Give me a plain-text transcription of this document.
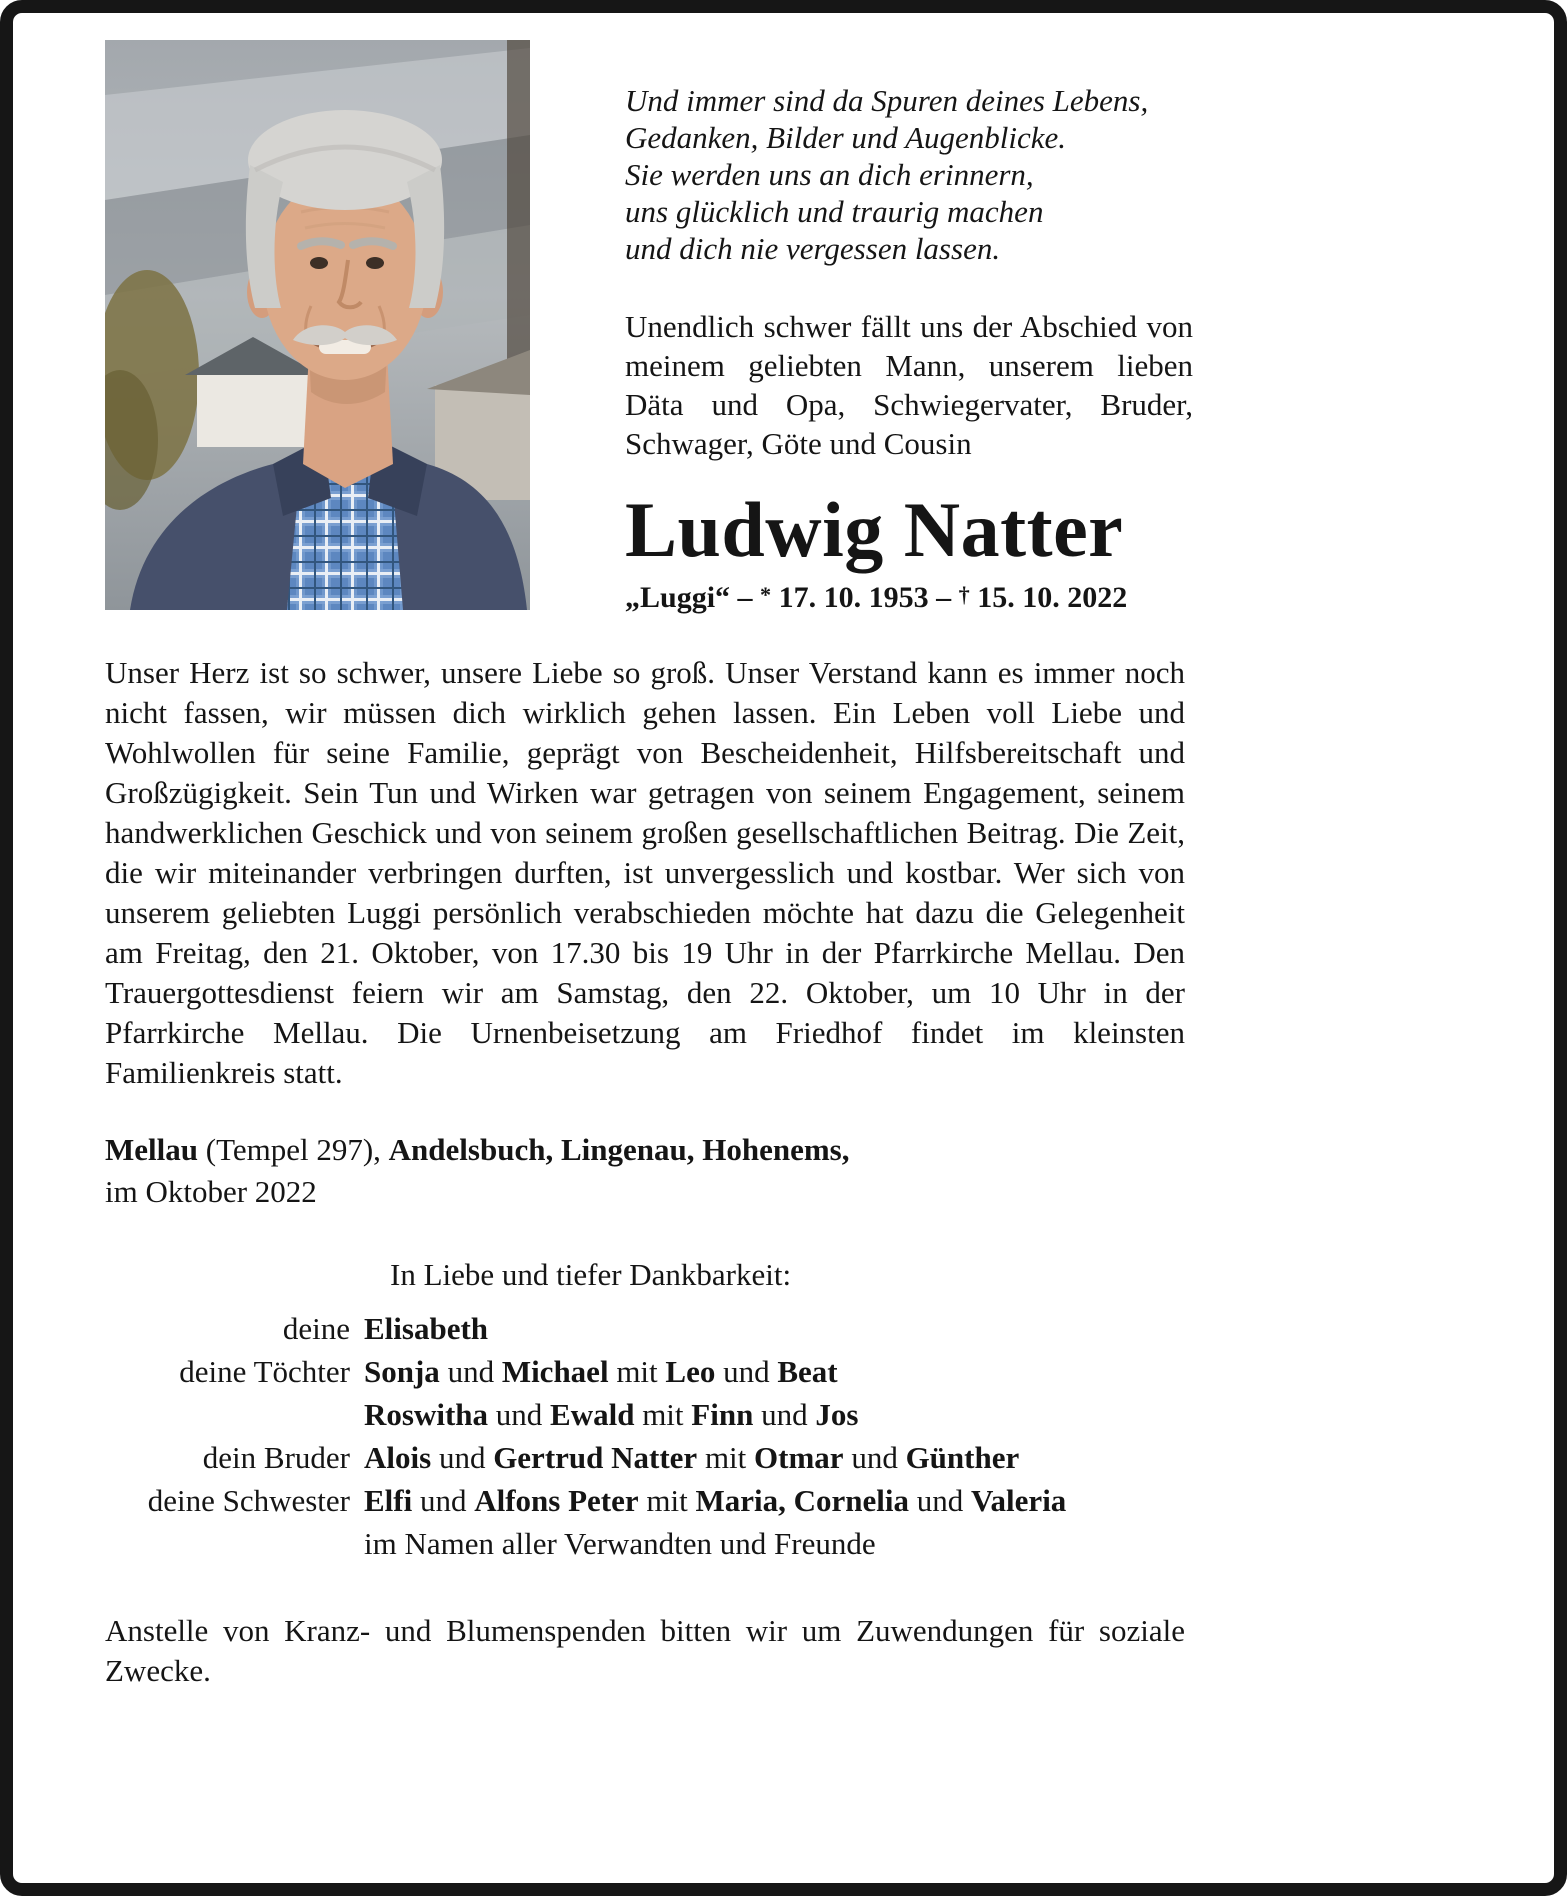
Und immer sind da Spuren deines Lebens,
Gedanken, Bilder und Augenblicke.
Sie werden uns an dich erinnern,
uns glücklich und traurig machen
und dich nie vergessen lassen.
Unendlich schwer fällt uns der Abschied von meinem geliebten Mann, unserem lieben Däta und Opa, Schwiegervater, Bruder, Schwager, Göte und Cousin
Ludwig Natter
„Luggi“ – * 17. 10. 1953 – † 15. 10. 2022
Unser Herz ist so schwer, unsere Liebe so groß. Unser Verstand kann es immer noch nicht fassen, wir müssen dich wirklich gehen lassen. Ein Leben voll Liebe und Wohlwollen für seine Familie, geprägt von Bescheidenheit, Hilfsbereitschaft und Großzügigkeit. Sein Tun und Wirken war getragen von seinem Engagement, seinem handwerklichen Geschick und von seinem großen gesellschaftlichen Beitrag. Die Zeit, die wir miteinander verbringen durften, ist unvergesslich und kostbar. Wer sich von unserem geliebten Luggi persönlich verabschieden möchte hat dazu die Gelegenheit am Freitag, den 21. Oktober, von 17.30 bis 19 Uhr in der Pfarrkirche Mellau. Den Trauergottesdienst feiern wir am Samstag, den 22. Oktober, um 10 Uhr in der Pfarrkirche Mellau. Die Urnenbeisetzung am Friedhof findet im kleinsten Familienkreis statt.
Mellau (Tempel 297), Andelsbuch, Lingenau, Hohenems,
im Oktober 2022
In Liebe und tiefer Dankbarkeit:
deine Elisabeth
deine Töchter Sonja und Michael mit Leo und Beat
Roswitha und Ewald mit Finn und Jos
dein Bruder Alois und Gertrud Natter mit Otmar und Günther
deine Schwester Elfi und Alfons Peter mit Maria, Cornelia und Valeria
im Namen aller Verwandten und Freunde
Anstelle von Kranz- und Blumenspenden bitten wir um Zuwendungen für soziale Zwecke.
